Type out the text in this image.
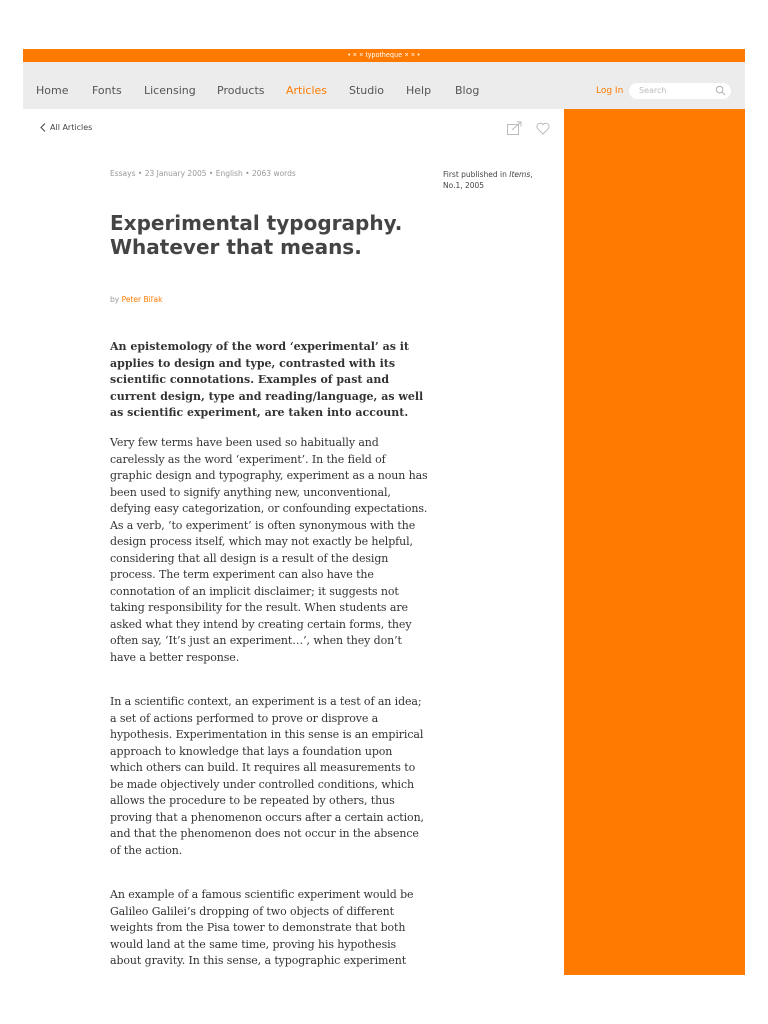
• × × typotheque × × •
Home Fonts Licensing Products Articles Studio Help Blog	Log In Search
All Articles
Essays • 23 January 2005 • English • 2063 words	First published in Items, No.1, 2005
Experimental typography. Whatever that means.
by Peter Biľak

An epistemology of the word ‘experimental’ as it applies to design and type, contrasted with its scientific connotations. Examples of past and current design, type and reading/language, as well as scientific experiment, are taken into account.

Very few terms have been used so habitually and carelessly as the word ‘experiment’. In the field of graphic design and typography, experiment as a noun has been used to signify anything new, unconventional, defying easy categorization, or confounding expectations. As a verb, ‘to experiment’ is often synonymous with the design process itself, which may not exactly be helpful, considering that all design is a result of the design process. The term experiment can also have the connotation of an implicit disclaimer; it suggests not taking responsibility for the result. When students are asked what they intend by creating certain forms, they often say, ‘It’s just an experiment…’, when they don’t have a better response.

In a scientific context, an experiment is a test of an idea; a set of actions performed to prove or disprove a hypothesis. Experimentation in this sense is an empirical approach to knowledge that lays a foundation upon which others can build. It requires all measurements to be made objectively under controlled conditions, which allows the procedure to be repeated by others, thus proving that a phenomenon occurs after a certain action, and that the phenomenon does not occur in the absence of the action.

An example of a famous scientific experiment would be Galileo Galilei’s dropping of two objects of different weights from the Pisa tower to demonstrate that both would land at the same time, proving his hypothesis about gravity. In this sense, a typographic experiment
